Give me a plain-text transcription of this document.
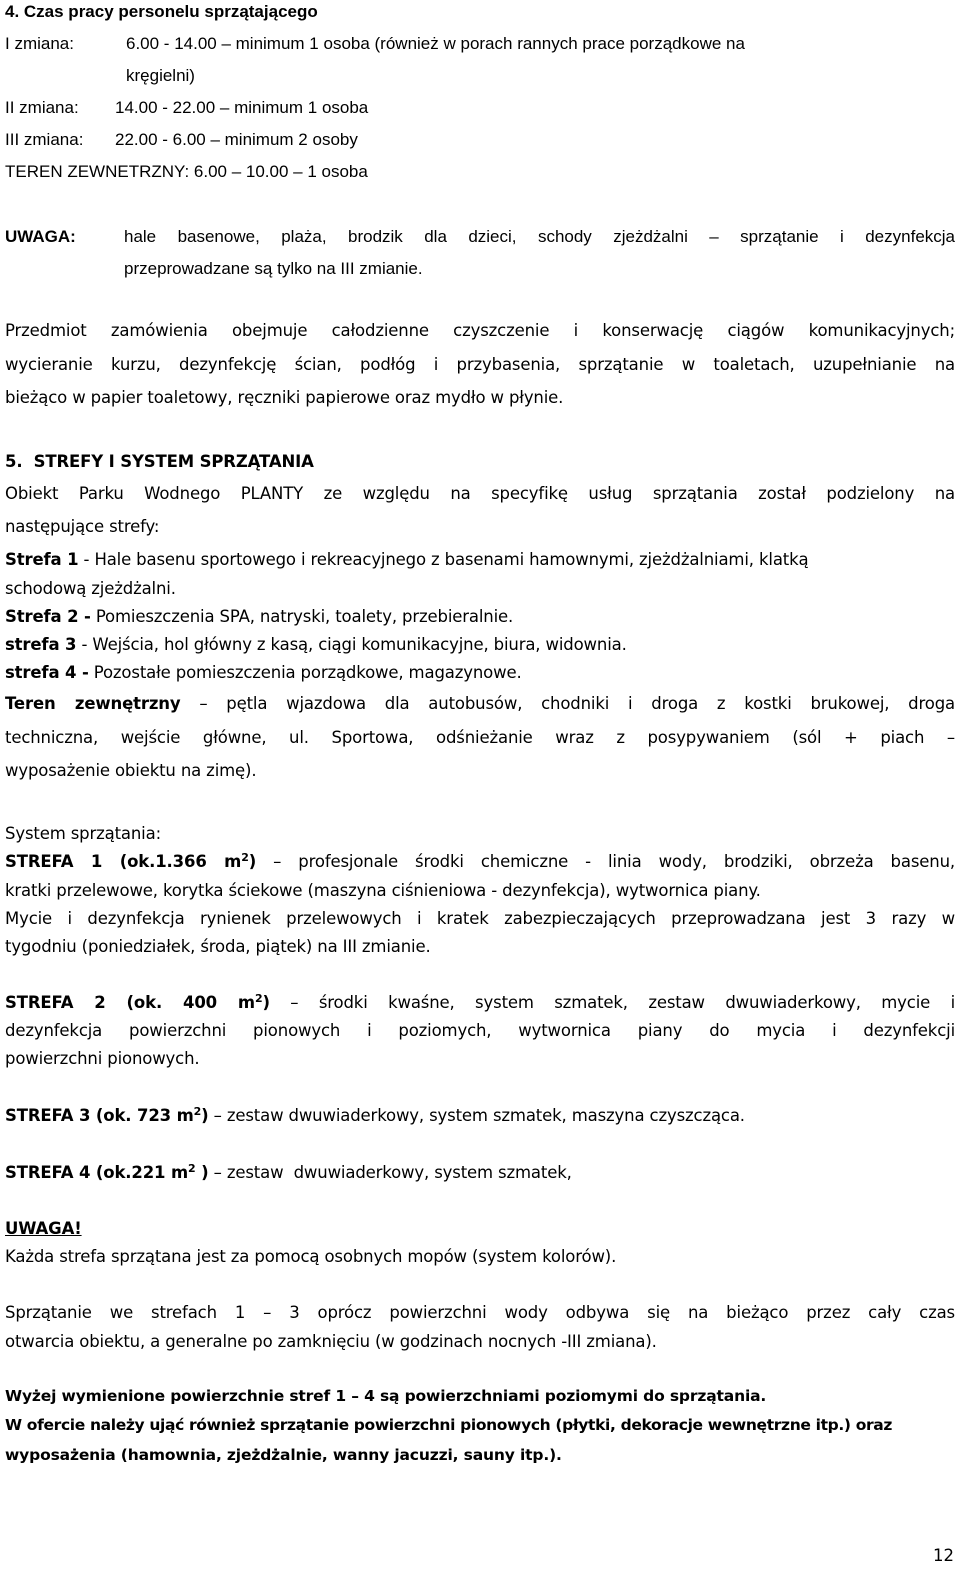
4. Czas pracy personelu sprzątającego
I zmiana:	6.00 - 14.00 – minimum 1 osoba (również w porach rannych prace porządkowe na
kręgielni)
II zmiana: 14.00 - 22.00 – minimum 1 osoba
III zmiana: 22.00 - 6.00 – minimum 2 osoby
TEREN ZEWNETRZNY: 6.00 – 10.00 – 1 osoba
UWAGA:	hale basenowe, plaża, brodzik dla dzieci, schody zjeżdżalni – sprzątanie i dezynfekcja
przeprowadzane są tylko na III zmianie.
Przedmiot zamówienia obejmuje całodzienne czyszczenie i konserwację ciągów komunikacyjnych;
wycieranie kurzu, dezynfekcję ścian, podłóg i przybasenia, sprzątanie w toaletach, uzupełnianie na
bieżąco w papier toaletowy, ręczniki papierowe oraz mydło w płynie.
5. STREFY I SYSTEM SPRZĄTANIA
Obiekt Parku Wodnego PLANTY ze względu na specyfikę usług sprzątania został podzielony na
następujące strefy:
Strefa 1 - Hale basenu sportowego i rekreacyjnego z basenami hamownymi, zjeżdżalniami, klatką
schodową zjeżdżalni.
Strefa 2 - Pomieszczenia SPA, natryski, toalety, przebieralnie.
strefa 3 - Wejścia, hol główny z kasą, ciągi komunikacyjne, biura, widownia.
strefa 4 - Pozostałe pomieszczenia porządkowe, magazynowe.
Teren zewnętrzny – pętla wjazdowa dla autobusów, chodniki i droga z kostki brukowej, droga
techniczna, wejście główne, ul. Sportowa, odśnieżanie wraz z posypywaniem (sól + piach –
wyposażenie obiektu na zimę).
System sprzątania:
STREFA 1 (ok.1.366 $m^2$) – profesjonale środki chemiczne - linia wody, brodziki, obrzeża basenu,
kratki przelewowe, korytka ściekowe (maszyna ciśnieniowa - dezynfekcja), wytwornica piany.
Mycie i dezynfekcja rynienek przelewowych i kratek zabezpieczających przeprowadzana jest 3 razy w
tygodniu (poniedziałek, środa, piątek) na III zmianie.
STREFA 2 (ok. 400 $m^2$) – środki kwaśne, system szmatek, zestaw dwuwiaderkowy, mycie i
dezynfekcja powierzchni pionowych i poziomych, wytwornica piany do mycia i dezynfekcji
powierzchni pionowych.
STREFA 3 (ok. 723 $m^2$) – zestaw dwuwiaderkowy, system szmatek, maszyna czyszcząca.
STREFA 4 (ok.221 $m^2$ ) – zestaw  dwuwiaderkowy, system szmatek,
UWAGA!
Każda strefa sprzątana jest za pomocą osobnych mopów (system kolorów).
Sprzątanie we strefach 1 – 3 oprócz powierzchni wody odbywa się na bieżąco przez cały czas
otwarcia obiektu, a generalne po zamknięciu (w godzinach nocnych -III zmiana).
Wyżej wymienione powierzchnie stref 1 – 4 są powierzchniami poziomymi do sprzątania.
W ofercie należy ująć również sprzątanie powierzchni pionowych (płytki, dekoracje wewnętrzne itp.) oraz
wyposażenia (hamownia, zjeżdżalnie, wanny jacuzzi, sauny itp.).
12
